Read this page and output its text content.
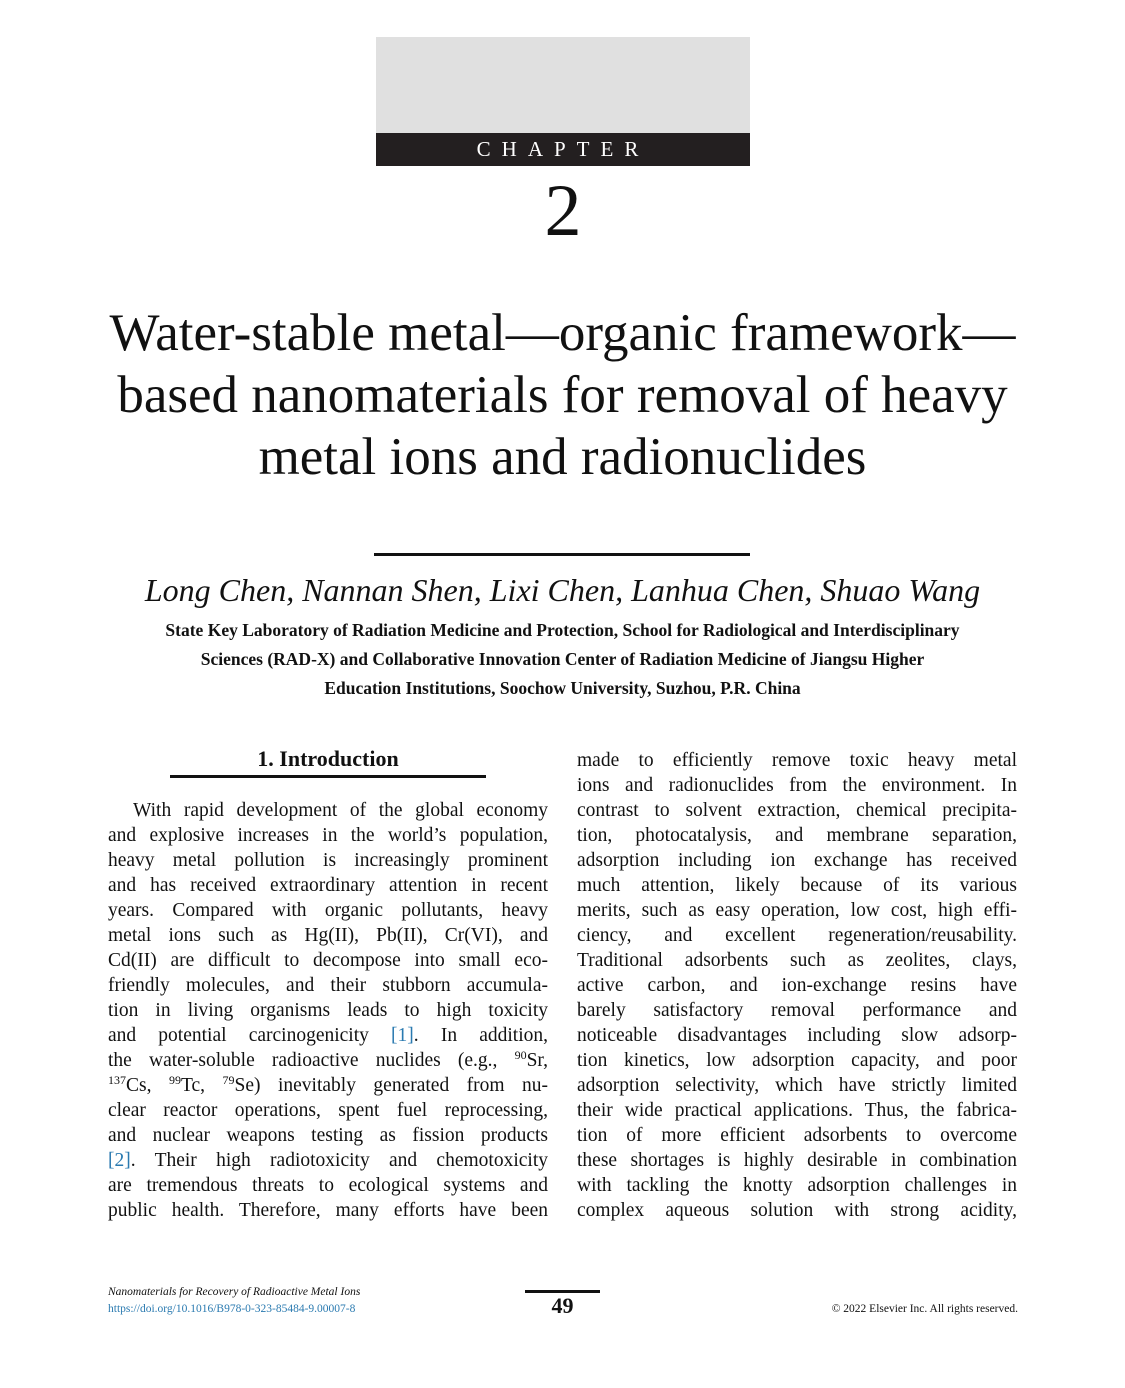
CHAPTER
2
Water-stable metal—organic framework—based nanomaterials for removal of heavy metal ions and radionuclides
Long Chen, Nannan Shen, Lixi Chen, Lanhua Chen, Shuao Wang
State Key Laboratory of Radiation Medicine and Protection, School for Radiological and Interdisciplinary
Sciences (RAD-X) and Collaborative Innovation Center of Radiation Medicine of Jiangsu Higher
Education Institutions, Soochow University, Suzhou, P.R. China
1. Introduction
With rapid development of the global economy
and explosive increases in the world’s population,
heavy metal pollution is increasingly prominent
and has received extraordinary attention in recent
years. Compared with organic pollutants, heavy
metal ions such as Hg(II), Pb(II), Cr(VI), and
Cd(II) are difficult to decompose into small eco-
friendly molecules, and their stubborn accumula-
tion in living organisms leads to high toxicity
and potential carcinogenicity [1]. In addition,
the water-soluble radioactive nuclides (e.g., $^{90}$Sr,
$^{137}$Cs, $^{99}$Tc, $^{79}$Se) inevitably generated from nu-
clear reactor operations, spent fuel reprocessing,
and nuclear weapons testing as fission products
[2]. Their high radiotoxicity and chemotoxicity
are tremendous threats to ecological systems and
public health. Therefore, many efforts have been
made to efficiently remove toxic heavy metal
ions and radionuclides from the environment. In
contrast to solvent extraction, chemical precipita-
tion, photocatalysis, and membrane separation,
adsorption including ion exchange has received
much attention, likely because of its various
merits, such as easy operation, low cost, high effi-
ciency, and excellent regeneration/reusability.
Traditional adsorbents such as zeolites, clays,
active carbon, and ion-exchange resins have
barely satisfactory removal performance and
noticeable disadvantages including slow adsorp-
tion kinetics, low adsorption capacity, and poor
adsorption selectivity, which have strictly limited
their wide practical applications. Thus, the fabrica-
tion of more efficient adsorbents to overcome
these shortages is highly desirable in combination
with tackling the knotty adsorption challenges in
complex aqueous solution with strong acidity,
Nanomaterials for Recovery of Radioactive Metal Ions
https://doi.org/10.1016/B978-0-323-85484-9.00007-8	49	© 2022 Elsevier Inc. All rights reserved.
